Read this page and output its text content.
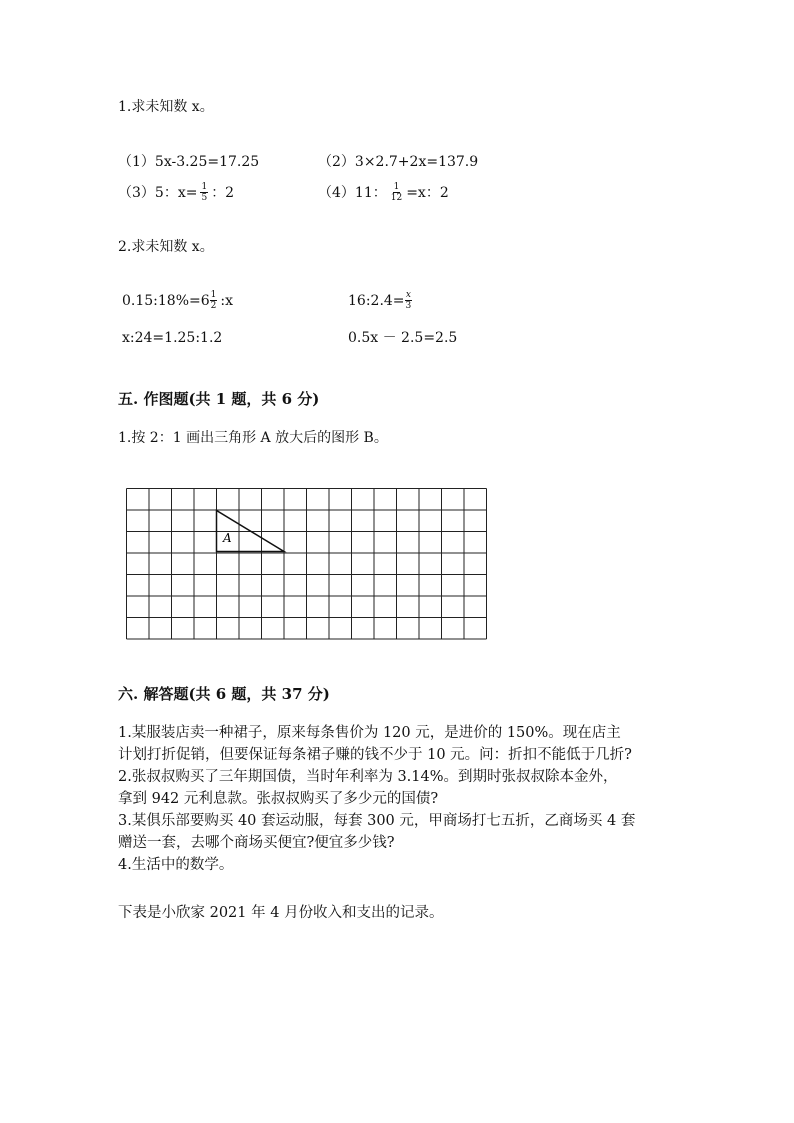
1.求未知数 x。
（1）5x-3.25=17.25	（2）3×2.7+2x=137.9
（3）5：$x= \frac{1}{5}$ ：2	（4）11： $\frac{1}{12} =x$：2
2.求未知数 x。
0.15:18%=6 $\frac{1}{2}$ :x	16:2.4= $\frac{x}{3}$
x:24=1.25:1.2	0.5x － 2.5=2.5
五. 作图题(共 1 题，共 6 分)
1.按 2：1 画出三角形 A 放大后的图形 B。
A
六. 解答题(共 6 题，共 37 分)
1.某服装店卖一种裙子，原来每条售价为 120 元，是进价的 150%。现在店主
计划打折促销，但要保证每条裙子赚的钱不少于 10 元。问：折扣不能低于几折?
2.张叔叔购买了三年期国债，当时年利率为 3.14%。到期时张叔叔除本金外，
拿到 942 元利息款。张叔叔购买了多少元的国债?
3.某俱乐部要购买 40 套运动服，每套 300 元，甲商场打七五折，乙商场买 4 套
赠送一套，去哪个商场买便宜?便宜多少钱?
4.生活中的数学。
下表是小欣家 2021 年 4 月份收入和支出的记录。
